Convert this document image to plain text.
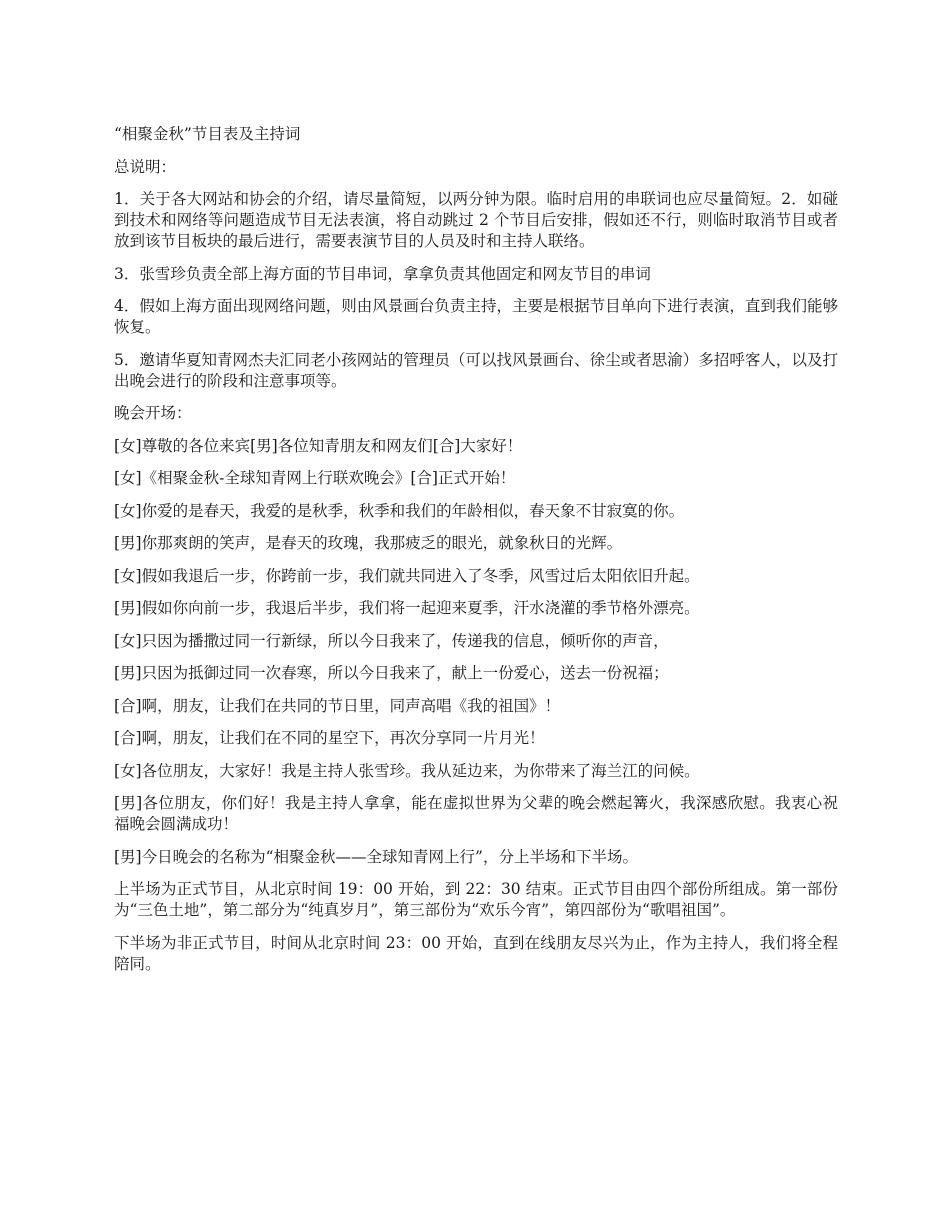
“相聚金秋”节目表及主持词

总说明：

1．关于各大网站和协会的介绍，请尽量简短，以两分钟为限。临时启用的串联词也应尽量简短。2．如碰到技术和网络等问题造成节目无法表演，将自动跳过 2 个节目后安排，假如还不行，则临时取消节目或者放到该节目板块的最后进行，需要表演节目的人员及时和主持人联络。

3．张雪珍负责全部上海方面的节目串词，拿拿负责其他固定和网友节目的串词

4．假如上海方面出现网络问题，则由风景画台负责主持，主要是根据节目单向下进行表演，直到我们能够恢复。

5．邀请华夏知青网杰夫汇同老小孩网站的管理员（可以找风景画台、徐尘或者思渝）多招呼客人，以及打出晚会进行的阶段和注意事项等。

晚会开场：

[女]尊敬的各位来宾[男]各位知青朋友和网友们[合]大家好！

[女]《相聚金秋-全球知青网上行联欢晚会》[合]正式开始！

[女]你爱的是春天，我爱的是秋季，秋季和我们的年龄相似，春天象不甘寂寞的你。

[男]你那爽朗的笑声，是春天的玫瑰，我那疲乏的眼光，就象秋日的光辉。

[女]假如我退后一步，你跨前一步，我们就共同进入了冬季，风雪过后太阳依旧升起。

[男]假如你向前一步，我退后半步，我们将一起迎来夏季，汗水浇灌的季节格外漂亮。

[女]只因为播撒过同一行新绿，所以今日我来了，传递我的信息，倾听你的声音，

[男]只因为抵御过同一次春寒，所以今日我来了，献上一份爱心，送去一份祝福；

[合]啊，朋友，让我们在共同的节日里，同声高唱《我的祖国》！

[合]啊，朋友，让我们在不同的星空下，再次分享同一片月光！

[女]各位朋友，大家好！我是主持人张雪珍。我从延边来，为你带来了海兰江的问候。

[男]各位朋友，你们好！我是主持人拿拿，能在虚拟世界为父辈的晚会燃起篝火，我深感欣慰。我衷心祝福晚会圆满成功！

[男]今日晚会的名称为“相聚金秋——全球知青网上行”，分上半场和下半场。

上半场为正式节目，从北京时间 19：00 开始，到 22：30 结束。正式节目由四个部份所组成。第一部份为“三色土地”，第二部分为“纯真岁月”，第三部份为“欢乐今宵”，第四部份为“歌唱祖国”。

下半场为非正式节目，时间从北京时间 23：00 开始，直到在线朋友尽兴为止，作为主持人，我们将全程陪同。
